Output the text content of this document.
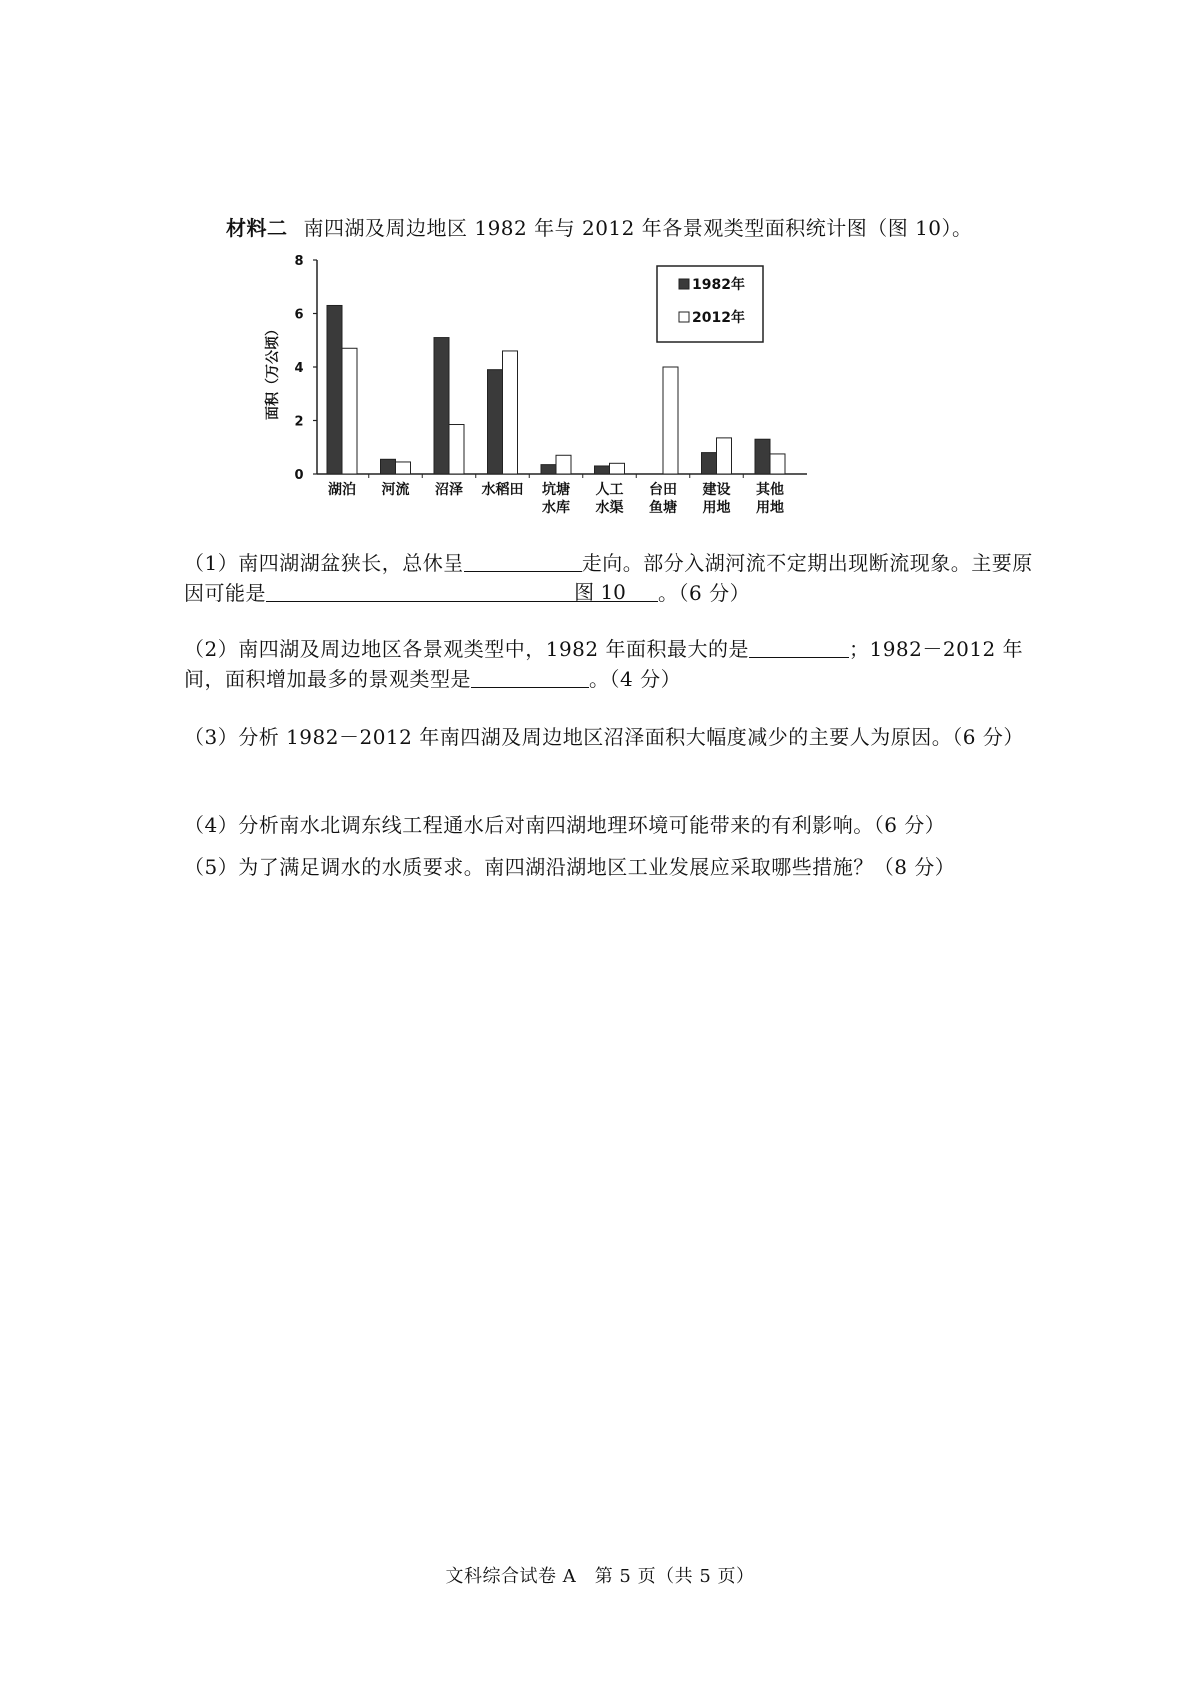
材料二 南四湖及周边地区 1982 年与 2012 年各景观类型面积统计图（图 10）。
0
2
4
6
8
面积（万公顷）
湖泊 河流 沼泽 水稻田 坑塘
水库
人工
水渠
台田
鱼塘
建设
用地
其他
用地
1982年
2012年
图 10
（1）南四湖湖盆狭长，总休呈	走向。部分入湖河流不定期出现断流现象。主要原因可能是	。（6 分）
（2）南四湖及周边地区各景观类型中，1982 年面积最大的是	；1982－2012 年间，面积增加最多的景观类型是	。（4 分）
（3）分析 1982－2012 年南四湖及周边地区沼泽面积大幅度减少的主要人为原因。（6 分）
（4）分析南水北调东线工程通水后对南四湖地理环境可能带来的有利影响。（6 分）
（5）为了满足调水的水质要求。南四湖沿湖地区工业发展应采取哪些措施？（8 分）
文科综合试卷 A　第 5 页（共 5 页）
